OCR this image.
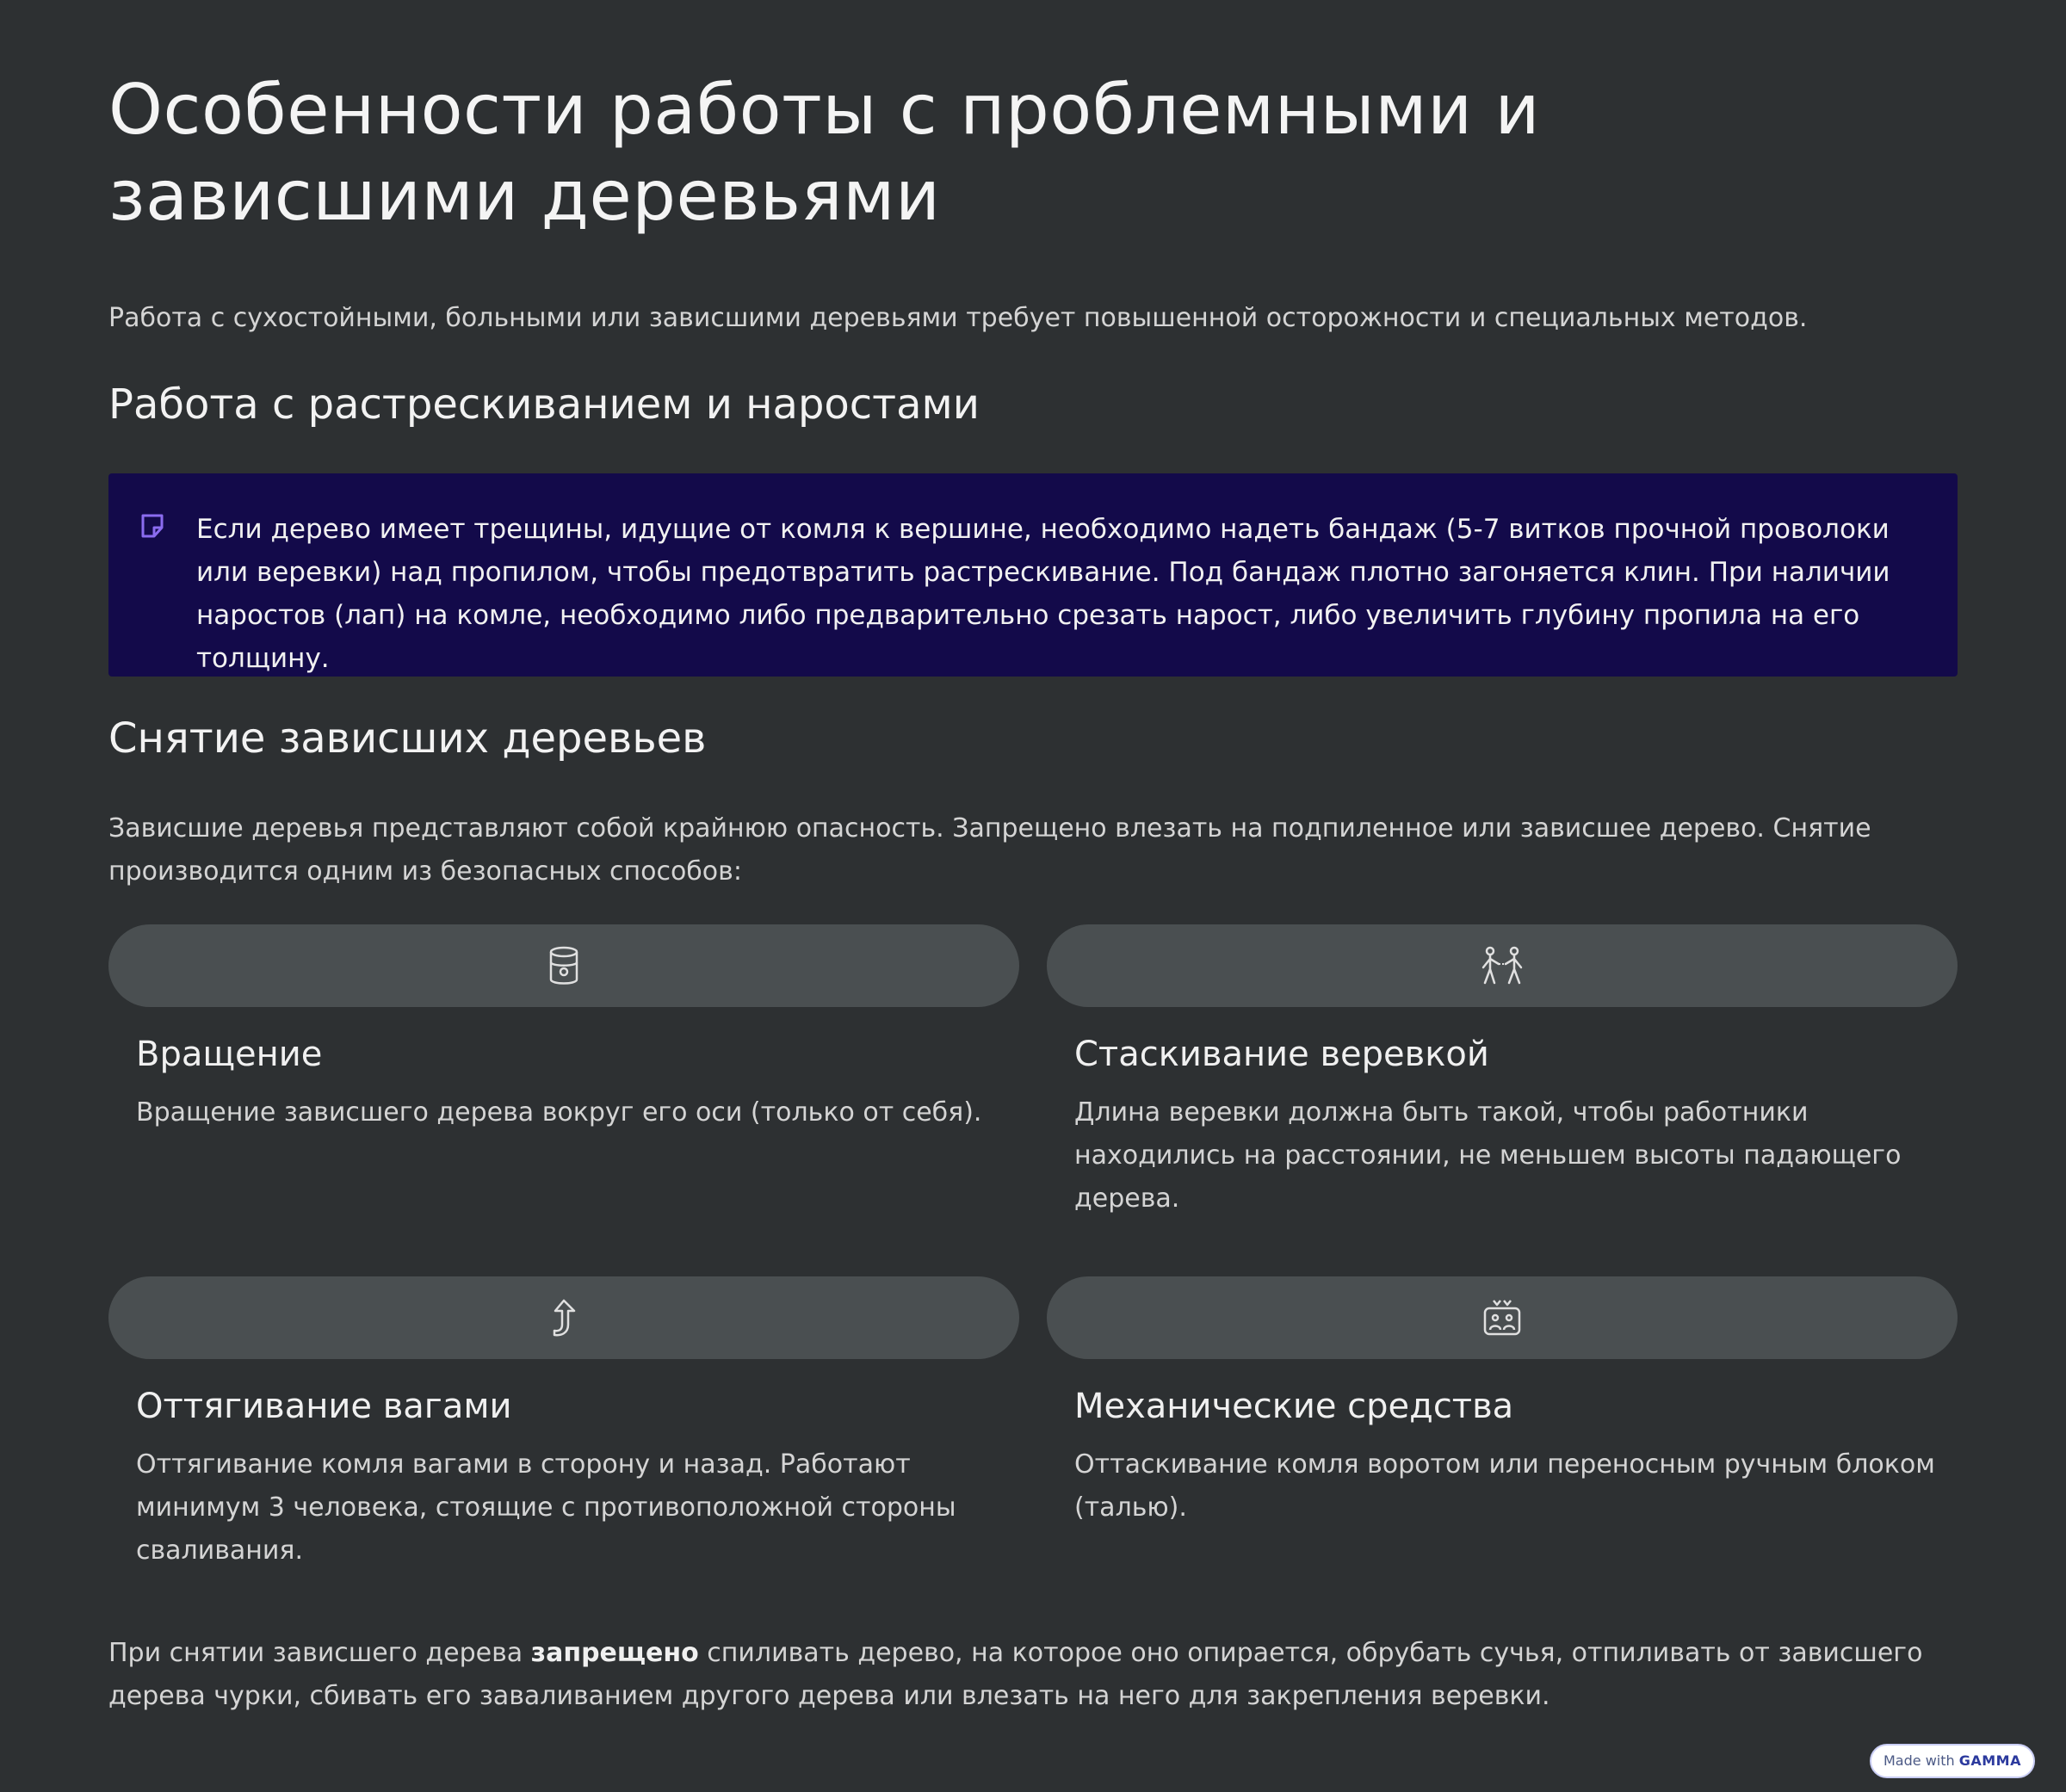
Особенности работы с проблемными и зависшими деревьями

Работа с сухостойными, больными или зависшими деревьями требует повышенной осторожности и специальных методов.

Работа с растрескиванием и наростами

Если дерево имеет трещины, идущие от комля к вершине, необходимо надеть бандаж (5-7 витков прочной проволоки или веревки) над пропилом, чтобы предотвратить растрескивание. Под бандаж плотно загоняется клин. При наличии наростов (лап) на комле, необходимо либо предварительно срезать нарост, либо увеличить глубину пропила на его толщину.

Снятие зависших деревьев

Зависшие деревья представляют собой крайнюю опасность. Запрещено влезать на подпиленное или зависшее дерево. Снятие производится одним из безопасных способов:

Вращение

Вращение зависшего дерева вокруг его оси (только от себя).

Стаскивание веревкой

Длина веревки должна быть такой, чтобы работники находились на расстоянии, не меньшем высоты падающего дерева.

Оттягивание вагами

Оттягивание комля вагами в сторону и назад. Работают минимум 3 человека, стоящие с противоположной стороны сваливания.

Механические средства

Оттаскивание комля воротом или переносным ручным блоком (талью).

При снятии зависшего дерева запрещено спиливать дерево, на которое оно опирается, обрубать сучья, отпиливать от зависшего дерева чурки, сбивать его заваливанием другого дерева или влезать на него для закрепления веревки.

Made with GAMMA
